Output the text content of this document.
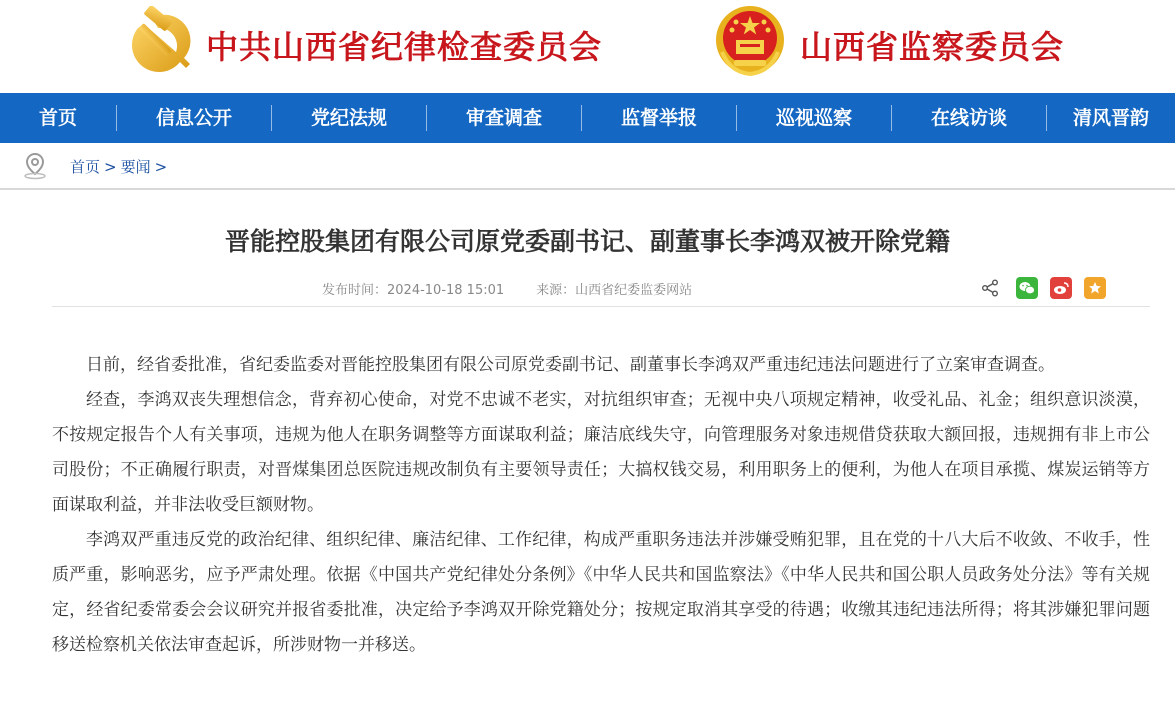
中共山西省纪律检查委员会	山西省监察委员会
首页	信息公开	党纪法规	审查调查	监督举报	巡视巡察	在线访谈	清风晋韵
首页 > 要闻 >
晋能控股集团有限公司原党委副书记、副董事长李鸿双被开除党籍
发布时间：2024-10-18 15:01 来源：山西省纪委监委网站

日前，经省委批准，省纪委监委对晋能控股集团有限公司原党委副书记、副董事长李鸿双严重违纪违法问题进行了立案审查调查。

经查，李鸿双丧失理想信念，背弃初心使命，对党不忠诚不老实，对抗组织审查；无视中央八项规定精神，收受礼品、礼金；组织意识淡漠，不按规定报告个人有关事项，违规为他人在职务调整等方面谋取利益；廉洁底线失守，向管理服务对象违规借贷获取大额回报，违规拥有非上市公司股份；不正确履行职责，对晋煤集团总医院违规改制负有主要领导责任；大搞权钱交易，利用职务上的便利，为他人在项目承揽、煤炭运销等方面谋取利益，并非法收受巨额财物。

李鸿双严重违反党的政治纪律、组织纪律、廉洁纪律、工作纪律，构成严重职务违法并涉嫌受贿犯罪，且在党的十八大后不收敛、不收手，性质严重，影响恶劣，应予严肃处理。依据《中国共产党纪律处分条例》《中华人民共和国监察法》《中华人民共和国公职人员政务处分法》等有关规定，经省纪委常委会会议研究并报省委批准，决定给予李鸿双开除党籍处分；按规定取消其享受的待遇；收缴其违纪违法所得；将其涉嫌犯罪问题移送检察机关依法审查起诉，所涉财物一并移送。
